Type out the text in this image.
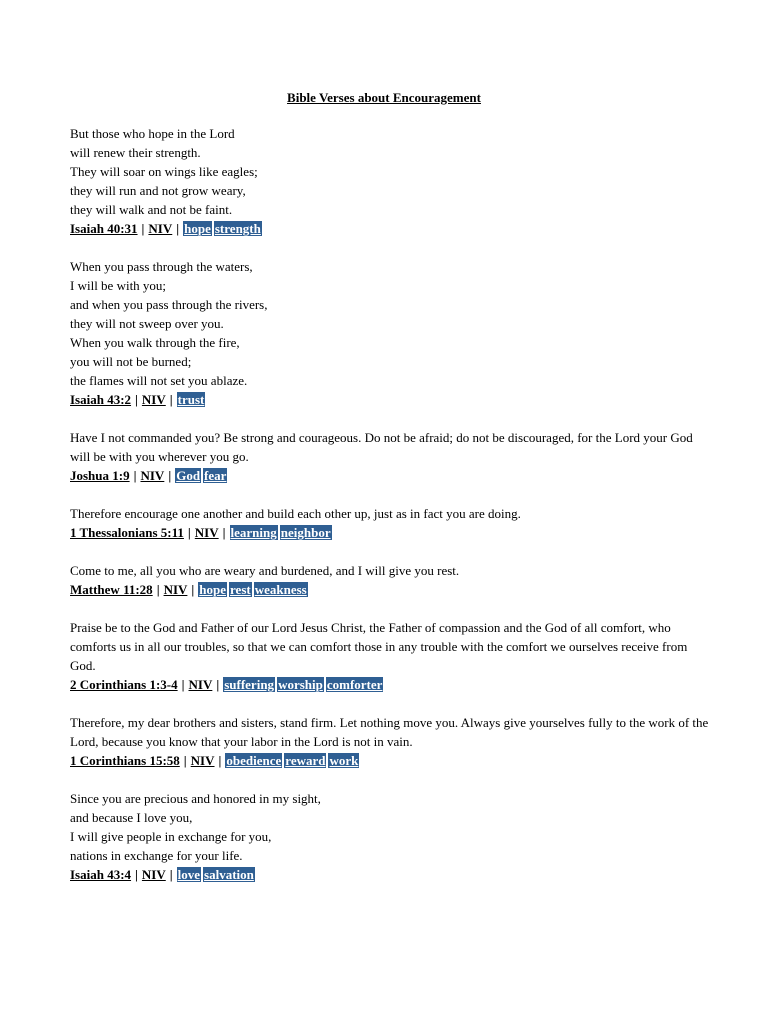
Bible Verses about Encouragement
But those who hope in the Lord
will renew their strength.
They will soar on wings like eagles;
they will run and not grow weary,
they will walk and not be faint.
Isaiah 40:31 | NIV | hope strength
When you pass through the waters,
I will be with you;
and when you pass through the rivers,
they will not sweep over you.
When you walk through the fire,
you will not be burned;
the flames will not set you ablaze.
Isaiah 43:2 | NIV | trust
Have I not commanded you? Be strong and courageous. Do not be afraid; do not be discouraged, for the Lord your God will be with you wherever you go.
Joshua 1:9 | NIV | God fear
Therefore encourage one another and build each other up, just as in fact you are doing.
1 Thessalonians 5:11 | NIV | learning neighbor
Come to me, all you who are weary and burdened, and I will give you rest.
Matthew 11:28 | NIV | hope rest weakness
Praise be to the God and Father of our Lord Jesus Christ, the Father of compassion and the God of all comfort, who comforts us in all our troubles, so that we can comfort those in any trouble with the comfort we ourselves receive from God.
2 Corinthians 1:3-4 | NIV | suffering worship comforter
Therefore, my dear brothers and sisters, stand firm. Let nothing move you. Always give yourselves fully to the work of the Lord, because you know that your labor in the Lord is not in vain.
1 Corinthians 15:58 | NIV | obedience reward work
Since you are precious and honored in my sight,
and because I love you,
I will give people in exchange for you,
nations in exchange for your life.
Isaiah 43:4 | NIV | love salvation
